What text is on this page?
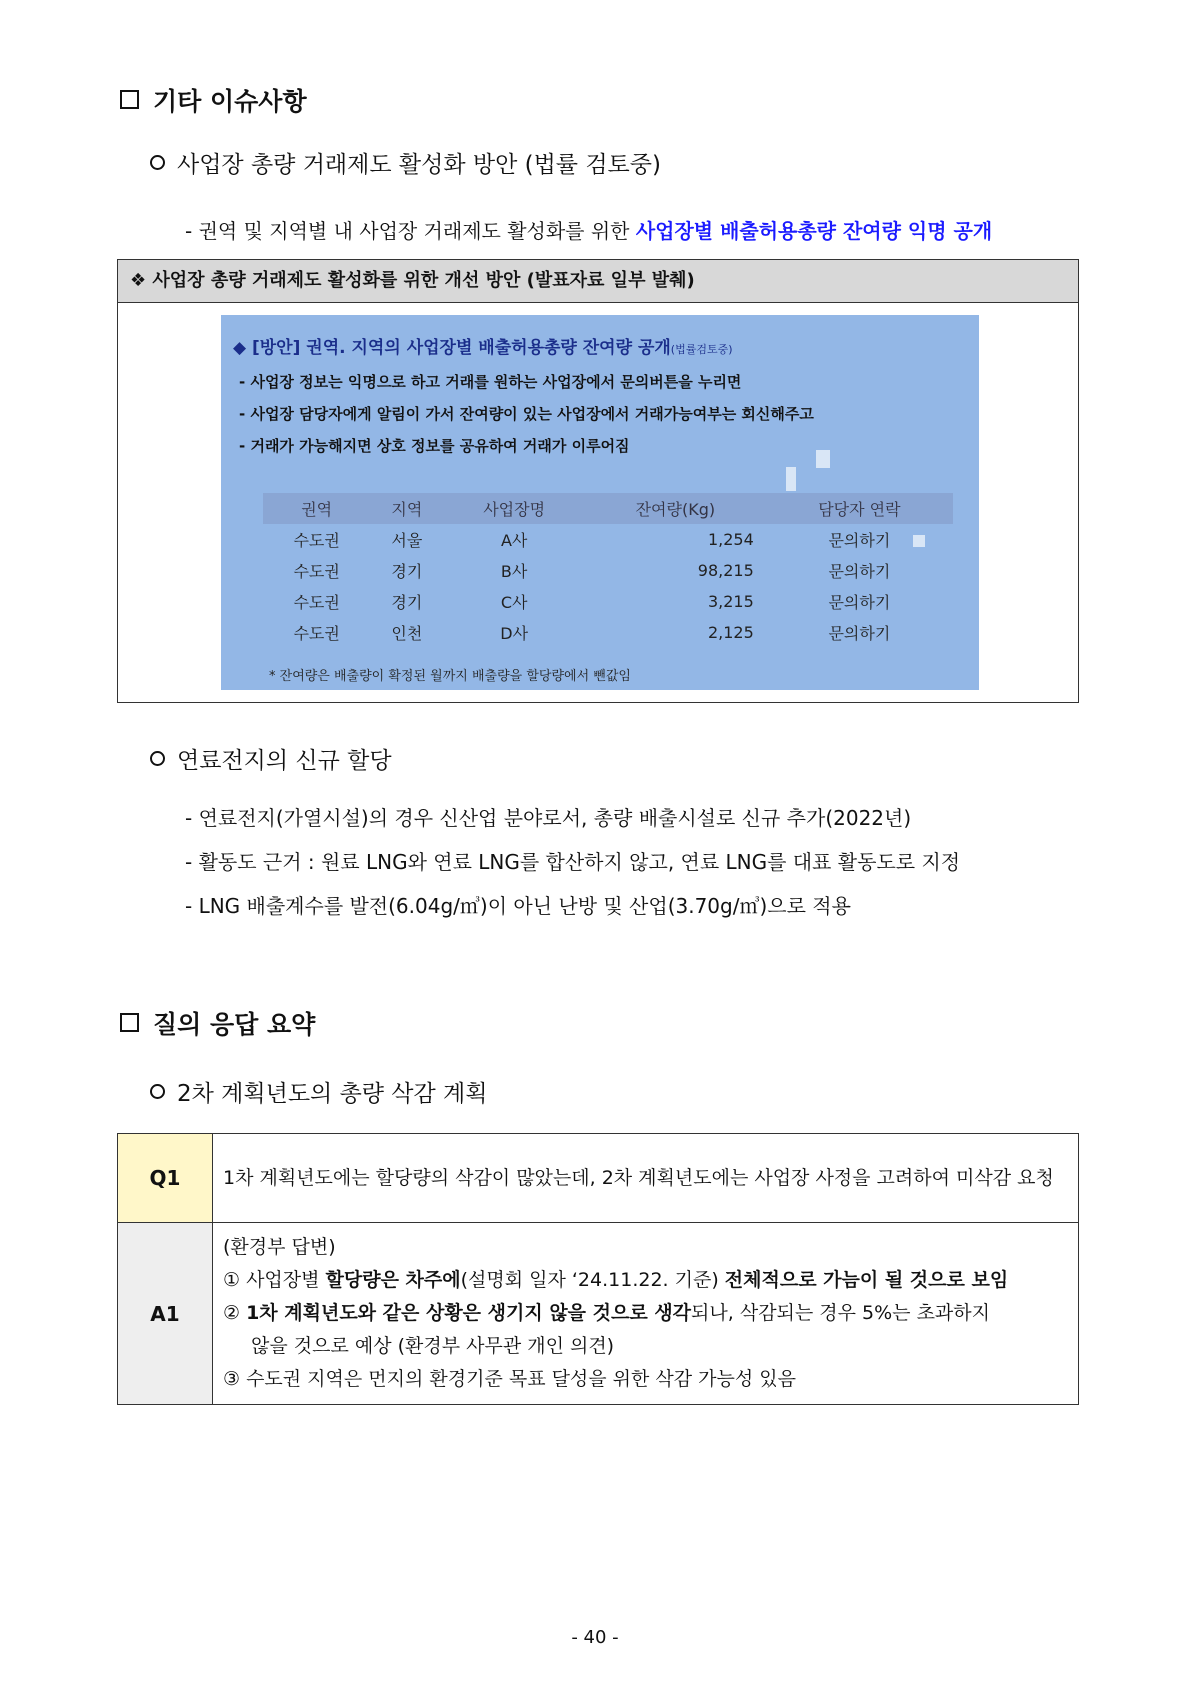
기타 이슈사항
사업장 총량 거래제도 활성화 방안 (법률 검토중)
- 권역 및 지역별 내 사업장 거래제도 활성화를 위한 사업장별 배출허용총량 잔여량 익명 공개
❖ 사업장 총량 거래제도 활성화를 위한 개선 방안 (발표자료 일부 발췌)
◆ [방안] 권역. 지역의 사업장별 배출허용총량 잔여량 공개(법률검토중)
- 사업장 정보는 익명으로 하고 거래를 원하는 사업장에서 문의버튼을 누리면
- 사업장 담당자에게 알림이 가서 잔여량이 있는 사업장에서 거래가능여부는 회신해주고
- 거래가 가능해지면 상호 정보를 공유하여 거래가 이루어짐
권역	지역	사업장명	잔여량(Kg)	담당자 연락
수도권	서울	A사	1,254	문의하기
수도권	경기	B사	98,215	문의하기
수도권	경기	C사	3,215	문의하기
수도권	인천	D사	2,125	문의하기
* 잔여량은 배출량이 확정된 월까지 배출량을 할당량에서 뺀값임
연료전지의 신규 할당
- 연료전지(가열시설)의 경우 신산업 분야로서, 총량 배출시설로 신규 추가(2022년)
- 활동도 근거 : 원료 LNG와 연료 LNG를 합산하지 않고, 연료 LNG를 대표 활동도로 지정
- LNG 배출계수를 발전(6.04g/㎥)이 아닌 난방 및 산업(3.70g/㎥)으로 적용
질의 응답 요약
2차 계획년도의 총량 삭감 계획
Q1	1차 계획년도에는 할당량의 삭감이 많았는데, 2차 계획년도에는 사업장 사정을 고려하여 미삭감 요청
A1	(환경부 답변)
① 사업장별 할당량은 차주에(설명회 일자 ‘24.11.22. 기준) 전체적으로 가늠이 될 것으로 보임
② 1차 계획년도와 같은 상황은 생기지 않을 것으로 생각되나, 삭감되는 경우 5%는 초과하지
않을 것으로 예상 (환경부 사무관 개인 의견)
③ 수도권 지역은 먼지의 환경기준 목표 달성을 위한 삭감 가능성 있음
- 40 -
